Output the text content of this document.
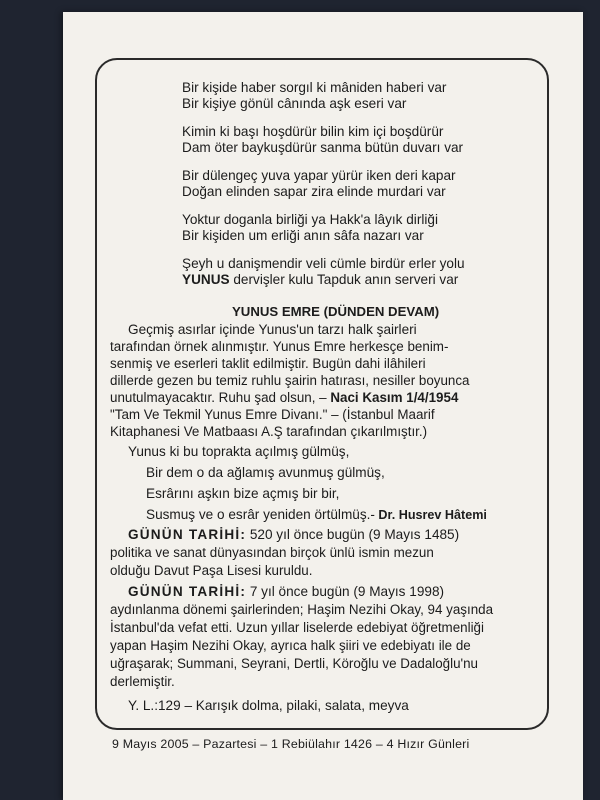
Bir kişide haber sorgıl ki mâniden haberi var
Bir kişiye gönül cânında aşk eseri var
Kimin ki başı hoşdürür bilin kim içi boşdürür
Dam öter baykuşdürür sanma bütün duvarı var
Bir dülengeç yuva yapar yürür iken deri kapar
Doğan elinden sapar zira elinde murdari var
Yoktur doganla birliği ya Hakk'a lâyık dirliği
Bir kişiden um erliği anın sâfa nazarı var
Şeyh u danişmendir veli cümle birdür erler yolu
YUNUS dervişler kulu Tapduk anın serveri var
YUNUS EMRE (DÜNDEN DEVAM)
Geçmiş asırlar içinde Yunus'un tarzı halk şairleri
tarafından örnek alınmıştır. Yunus Emre herkesçe benim-
senmiş ve eserleri taklit edilmiştir. Bugün dahi ilâhileri
dillerde gezen bu temiz ruhlu şairin hatırası, nesiller boyunca
unutulmayacaktır. Ruhu şad olsun, – Naci Kasım 1/4/1954
"Tam Ve Tekmil Yunus Emre Divanı." – (İstanbul Maarif
Kitaphanesi Ve Matbaası A.Ş tarafından çıkarılmıştır.)
Yunus ki bu toprakta açılmış gülmüş,
Bir dem o da ağlamış avunmuş gülmüş,
Esrârını aşkın bize açmış bir bir,
Susmuş ve o esrâr yeniden örtülmüş.- Dr. Husrev Hâtemi
GÜNÜN TARİHİ: 520 yıl önce bugün (9 Mayıs 1485)
politika ve sanat dünyasından birçok ünlü ismin mezun
olduğu Davut Paşa Lisesi kuruldu.
GÜNÜN TARİHİ: 7 yıl önce bugün (9 Mayıs 1998)
aydınlanma dönemi şairlerinden; Haşim Nezihi Okay, 94 yaşında
İstanbul'da vefat etti. Uzun yıllar liselerde edebiyat öğretmenliği
yapan Haşim Nezihi Okay, ayrıca halk şiiri ve edebiyatı ile de
uğraşarak; Summani, Seyrani, Dertli, Köroğlu ve Dadaloğlu'nu
derlemiştir.
Y. L.:129 – Karışık dolma, pilaki, salata, meyva
9 Mayıs 2005 – Pazartesi – 1 Rebiülahır 1426 – 4 Hızır Günleri
